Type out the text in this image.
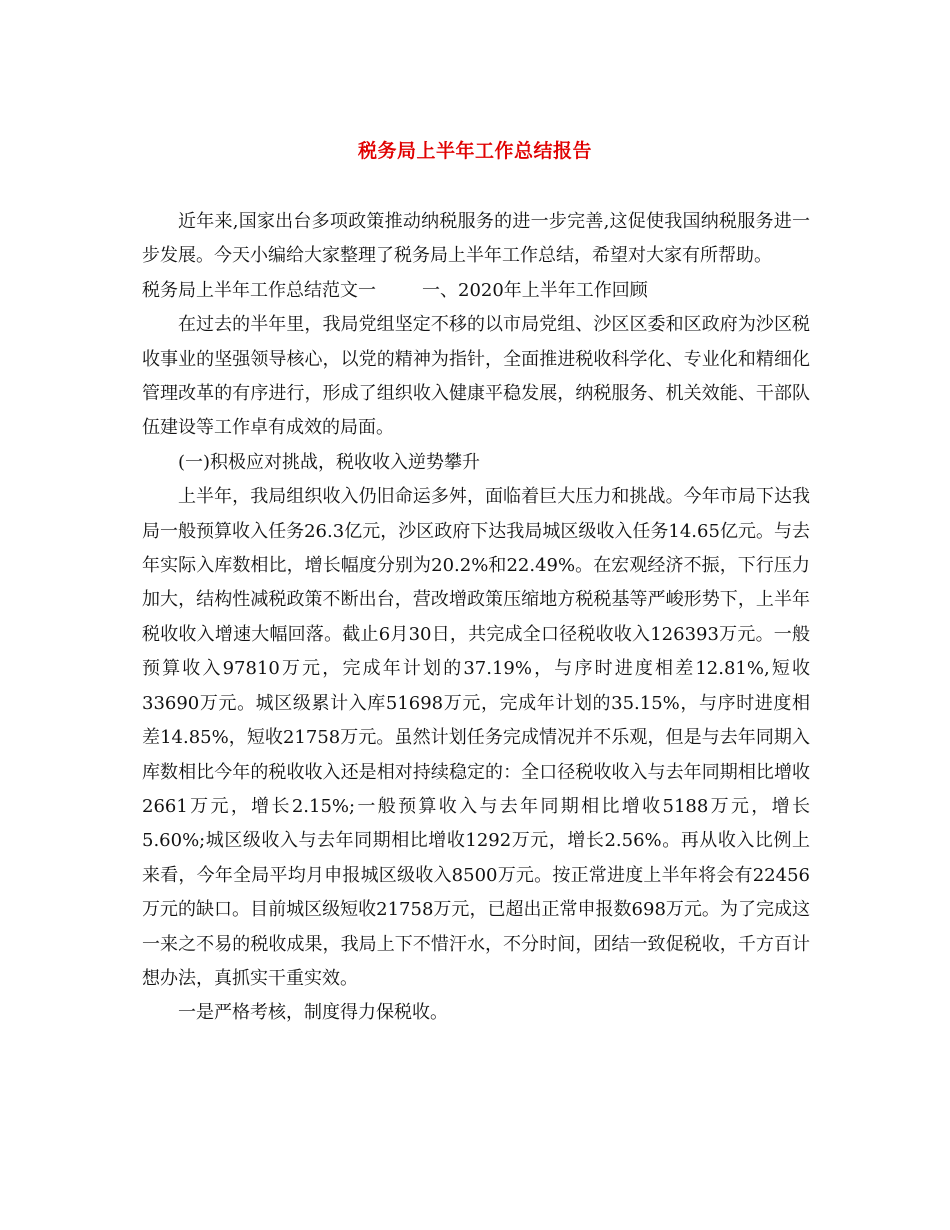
税务局上半年工作总结报告

近年来,国家出台多项政策推动纳税服务的进一步完善,这促使我国纳税服务进一步发展。今天小编给大家整理了税务局上半年工作总结，希望对大家有所帮助。

税务局上半年工作总结范文一	一、2020年上半年工作回顾

在过去的半年里，我局党组坚定不移的以市局党组、沙区区委和区政府为沙区税收事业的坚强领导核心，以党的精神为指针，全面推进税收科学化、专业化和精细化管理改革的有序进行，形成了组织收入健康平稳发展，纳税服务、机关效能、干部队伍建设等工作卓有成效的局面。

(一)积极应对挑战，税收收入逆势攀升

上半年，我局组织收入仍旧命运多舛，面临着巨大压力和挑战。今年市局下达我局一般预算收入任务26.3亿元，沙区政府下达我局城区级收入任务14.65亿元。与去年实际入库数相比，增长幅度分别为20.2%和22.49%。在宏观经济不振，下行压力加大，结构性减税政策不断出台，营改增政策压缩地方税税基等严峻形势下，上半年税收收入增速大幅回落。截止6月30日，共完成全口径税收收入126393万元。一般预算收入97810万元，完成年计划的37.19%，与序时进度相差12.81%,短收33690万元。城区级累计入库51698万元，完成年计划的35.15%，与序时进度相差14.85%，短收21758万元。虽然计划任务完成情况并不乐观，但是与去年同期入库数相比今年的税收收入还是相对持续稳定的：全口径税收收入与去年同期相比增收2661万元，增长2.15%;一般预算收入与去年同期相比增收5188万元，增长5.60%;城区级收入与去年同期相比增收1292万元，增长2.56%。再从收入比例上来看，今年全局平均月申报城区级收入8500万元。按正常进度上半年将会有22456万元的缺口。目前城区级短收21758万元，已超出正常申报数698万元。为了完成这一来之不易的税收成果，我局上下不惜汗水，不分时间，团结一致促税收，千方百计想办法，真抓实干重实效。

一是严格考核，制度得力保税收。
